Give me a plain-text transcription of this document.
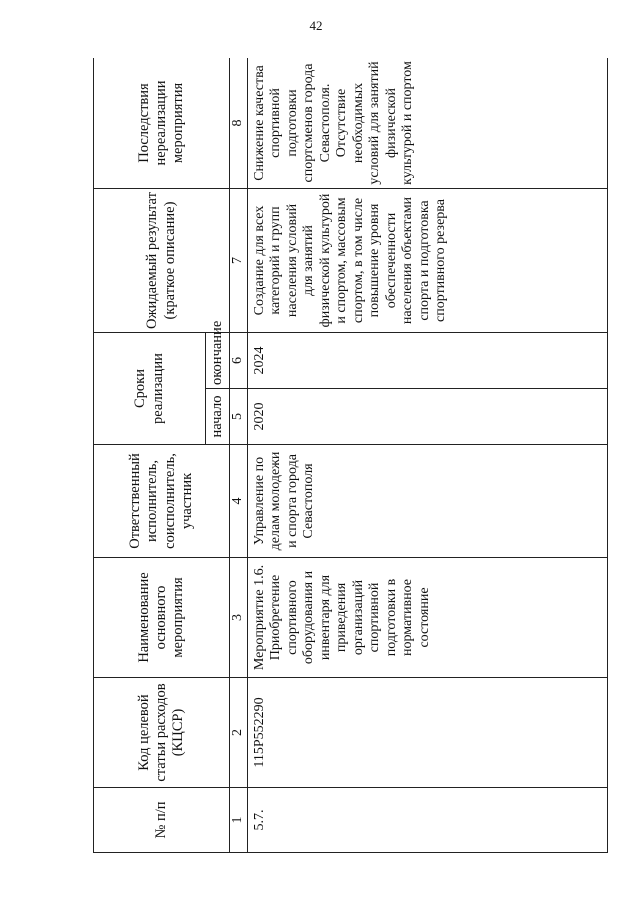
42
№ п/п	Код целевой статьи расходов (КЦСР)	Наименование основного мероприятия	Ответственный исполнитель, соисполнитель, участник	Сроки реализации		Ожидаемый результат (краткое описание)	Последствия нереализации мероприятия
				начало	окончание		
1	2	3	4	5	6	7	8
5.7.	115Р552290	Мероприятие 1.6. Приобретение спортивного оборудования и инвентаря для приведения организаций спортивной подготовки в нормативное состояние	Управление по делам молодежи и спорта города Севастополя	2020	2024	Создание для всех категорий и групп населения условий для занятий физической культурой и спортом, массовым спортом, в том числе повышение уровня обеспеченности населения объектами спорта и подготовка спортивного резерва	Снижение качества спортивной подготовки спортсменов города Севастополя. Отсутствие необходимых условий для занятий физической культурой и спортом
